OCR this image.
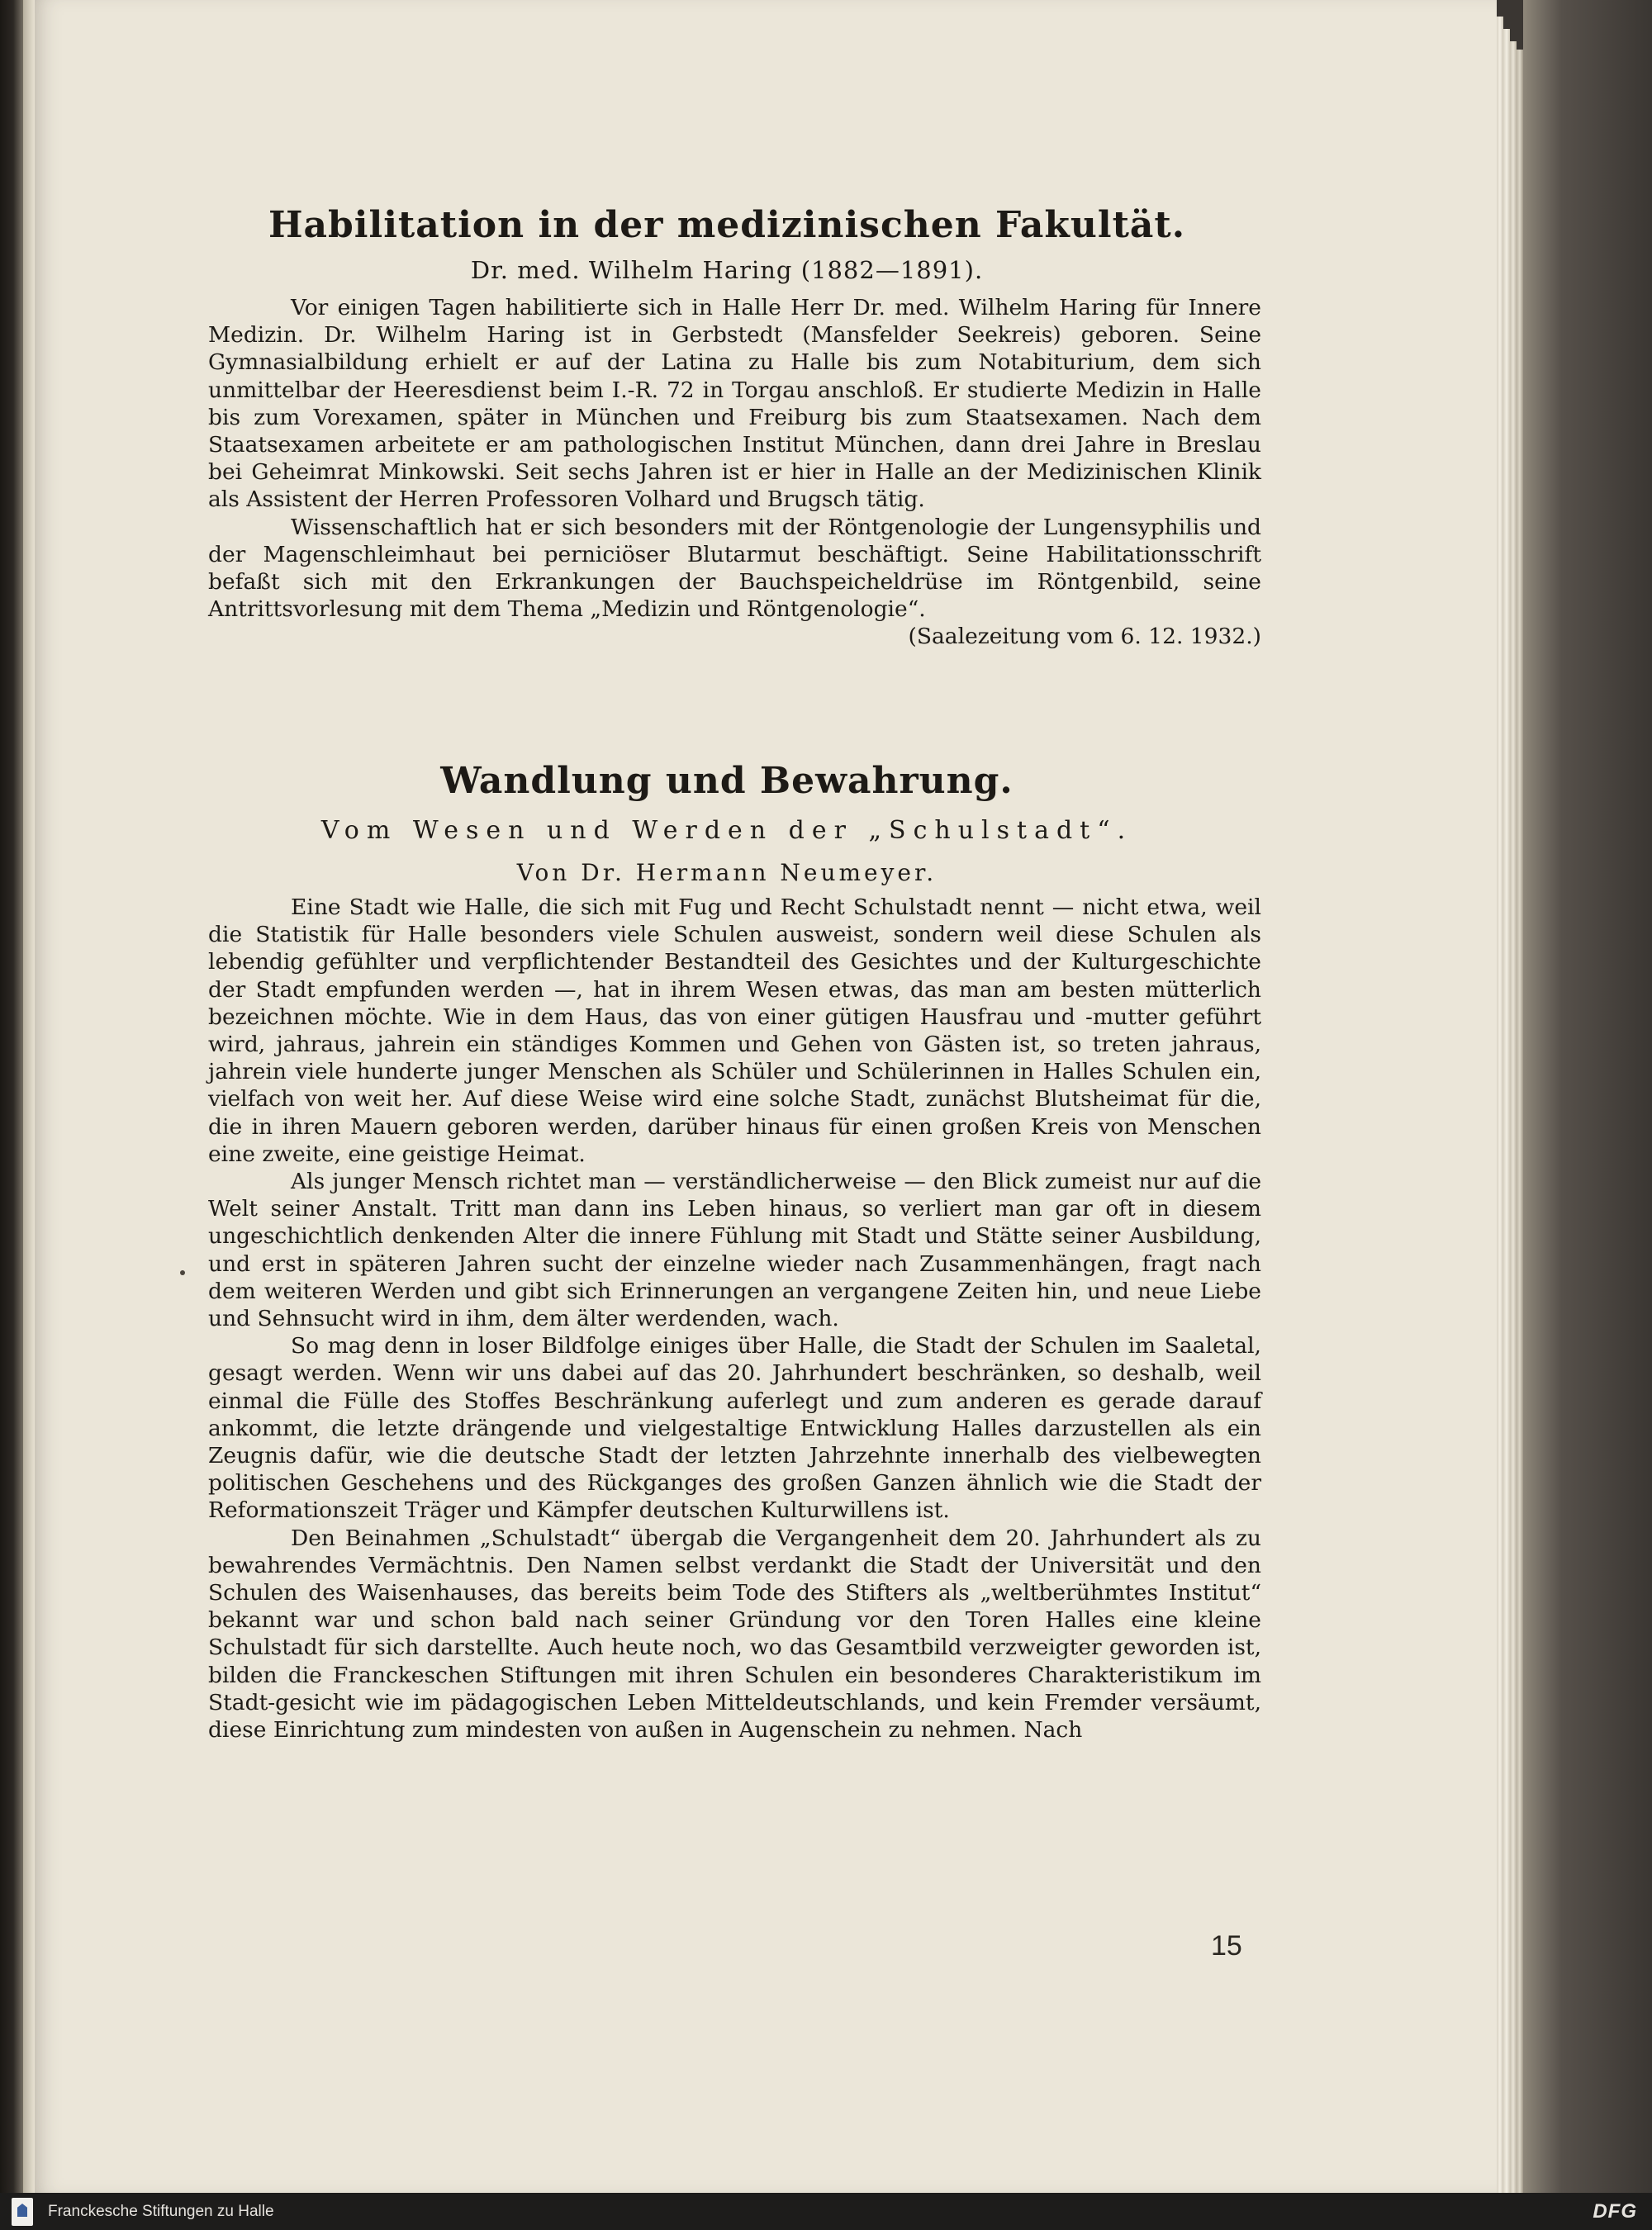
Habilitation in der medizinischen Fakultät.
Dr. med. Wilhelm Haring (1882—1891).

Vor einigen Tagen habilitierte sich in Halle Herr Dr. med. Wilhelm Haring für Innere Medizin. Dr. Wilhelm Haring ist in Gerbstedt (Mansfelder Seekreis) geboren. Seine Gymnasialbildung erhielt er auf der Latina zu Halle bis zum Notabiturium, dem sich unmittelbar der Heeresdienst beim I.-R. 72 in Torgau anschloß. Er studierte Medizin in Halle bis zum Vorexamen, später in München und Freiburg bis zum Staatsexamen. Nach dem Staatsexamen arbeitete er am pathologischen Institut München, dann drei Jahre in Breslau bei Geheimrat Minkowski. Seit sechs Jahren ist er hier in Halle an der Medizinischen Klinik als Assistent der Herren Professoren Volhard und Brugsch tätig.

Wissenschaftlich hat er sich besonders mit der Röntgenologie der Lungensyphilis und der Magenschleimhaut bei perniciöser Blutarmut beschäftigt. Seine Habilitationsschrift befaßt sich mit den Erkrankungen der Bauchspeicheldrüse im Röntgenbild, seine Antrittsvorlesung mit dem Thema „Medizin und Röntgenologie“.

(Saalezeitung vom 6. 12. 1932.)

Wandlung und Bewahrung.
Vom Wesen und Werden der „Schulstadt“.
Von Dr. Hermann Neumeyer.

Eine Stadt wie Halle, die sich mit Fug und Recht Schulstadt nennt — nicht etwa, weil die Statistik für Halle besonders viele Schulen ausweist, sondern weil diese Schulen als lebendig gefühlter und verpflichtender Bestandteil des Gesichtes und der Kulturgeschichte der Stadt empfunden werden —, hat in ihrem Wesen etwas, das man am besten mütterlich bezeichnen möchte. Wie in dem Haus, das von einer gütigen Hausfrau und -mutter geführt wird, jahraus, jahrein ein ständiges Kommen und Gehen von Gästen ist, so treten jahraus, jahrein viele hunderte junger Menschen als Schüler und Schülerinnen in Halles Schulen ein, vielfach von weit her. Auf diese Weise wird eine solche Stadt, zunächst Blutsheimat für die, die in ihren Mauern geboren werden, darüber hinaus für einen großen Kreis von Menschen eine zweite, eine geistige Heimat.

Als junger Mensch richtet man — verständlicherweise — den Blick zumeist nur auf die Welt seiner Anstalt. Tritt man dann ins Leben hinaus, so verliert man gar oft in diesem ungeschichtlich denkenden Alter die innere Fühlung mit Stadt und Stätte seiner Ausbildung, und erst in späteren Jahren sucht der einzelne wieder nach Zusammenhängen, fragt nach dem weiteren Werden und gibt sich Erinnerungen an vergangene Zeiten hin, und neue Liebe und Sehnsucht wird in ihm, dem älter werdenden, wach.

So mag denn in loser Bildfolge einiges über Halle, die Stadt der Schulen im Saaletal, gesagt werden. Wenn wir uns dabei auf das 20. Jahrhundert beschränken, so deshalb, weil einmal die Fülle des Stoffes Beschränkung auferlegt und zum anderen es gerade darauf ankommt, die letzte drängende und vielgestaltige Entwicklung Halles darzustellen als ein Zeugnis dafür, wie die deutsche Stadt der letzten Jahrzehnte innerhalb des vielbewegten politischen Geschehens und des Rückganges des großen Ganzen ähnlich wie die Stadt der Reformationszeit Träger und Kämpfer deutschen Kulturwillens ist.

Den Beinahmen „Schulstadt“ übergab die Vergangenheit dem 20. Jahrhundert als zu bewahrendes Vermächtnis. Den Namen selbst verdankt die Stadt der Universität und den Schulen des Waisenhauses, das bereits beim Tode des Stifters als „weltberühmtes Institut“ bekannt war und schon bald nach seiner Gründung vor den Toren Halles eine kleine Schulstadt für sich darstellte. Auch heute noch, wo das Gesamtbild verzweigter geworden ist, bilden die Franckeschen Stiftungen mit ihren Schulen ein besonderes Charakteristikum im Stadt-gesicht wie im pädagogischen Leben Mitteldeutschlands, und kein Fremder versäumt, diese Einrichtung zum mindesten von außen in Augenschein zu nehmen. Nach

15
Franckesche Stiftungen zu Halle	DFG
